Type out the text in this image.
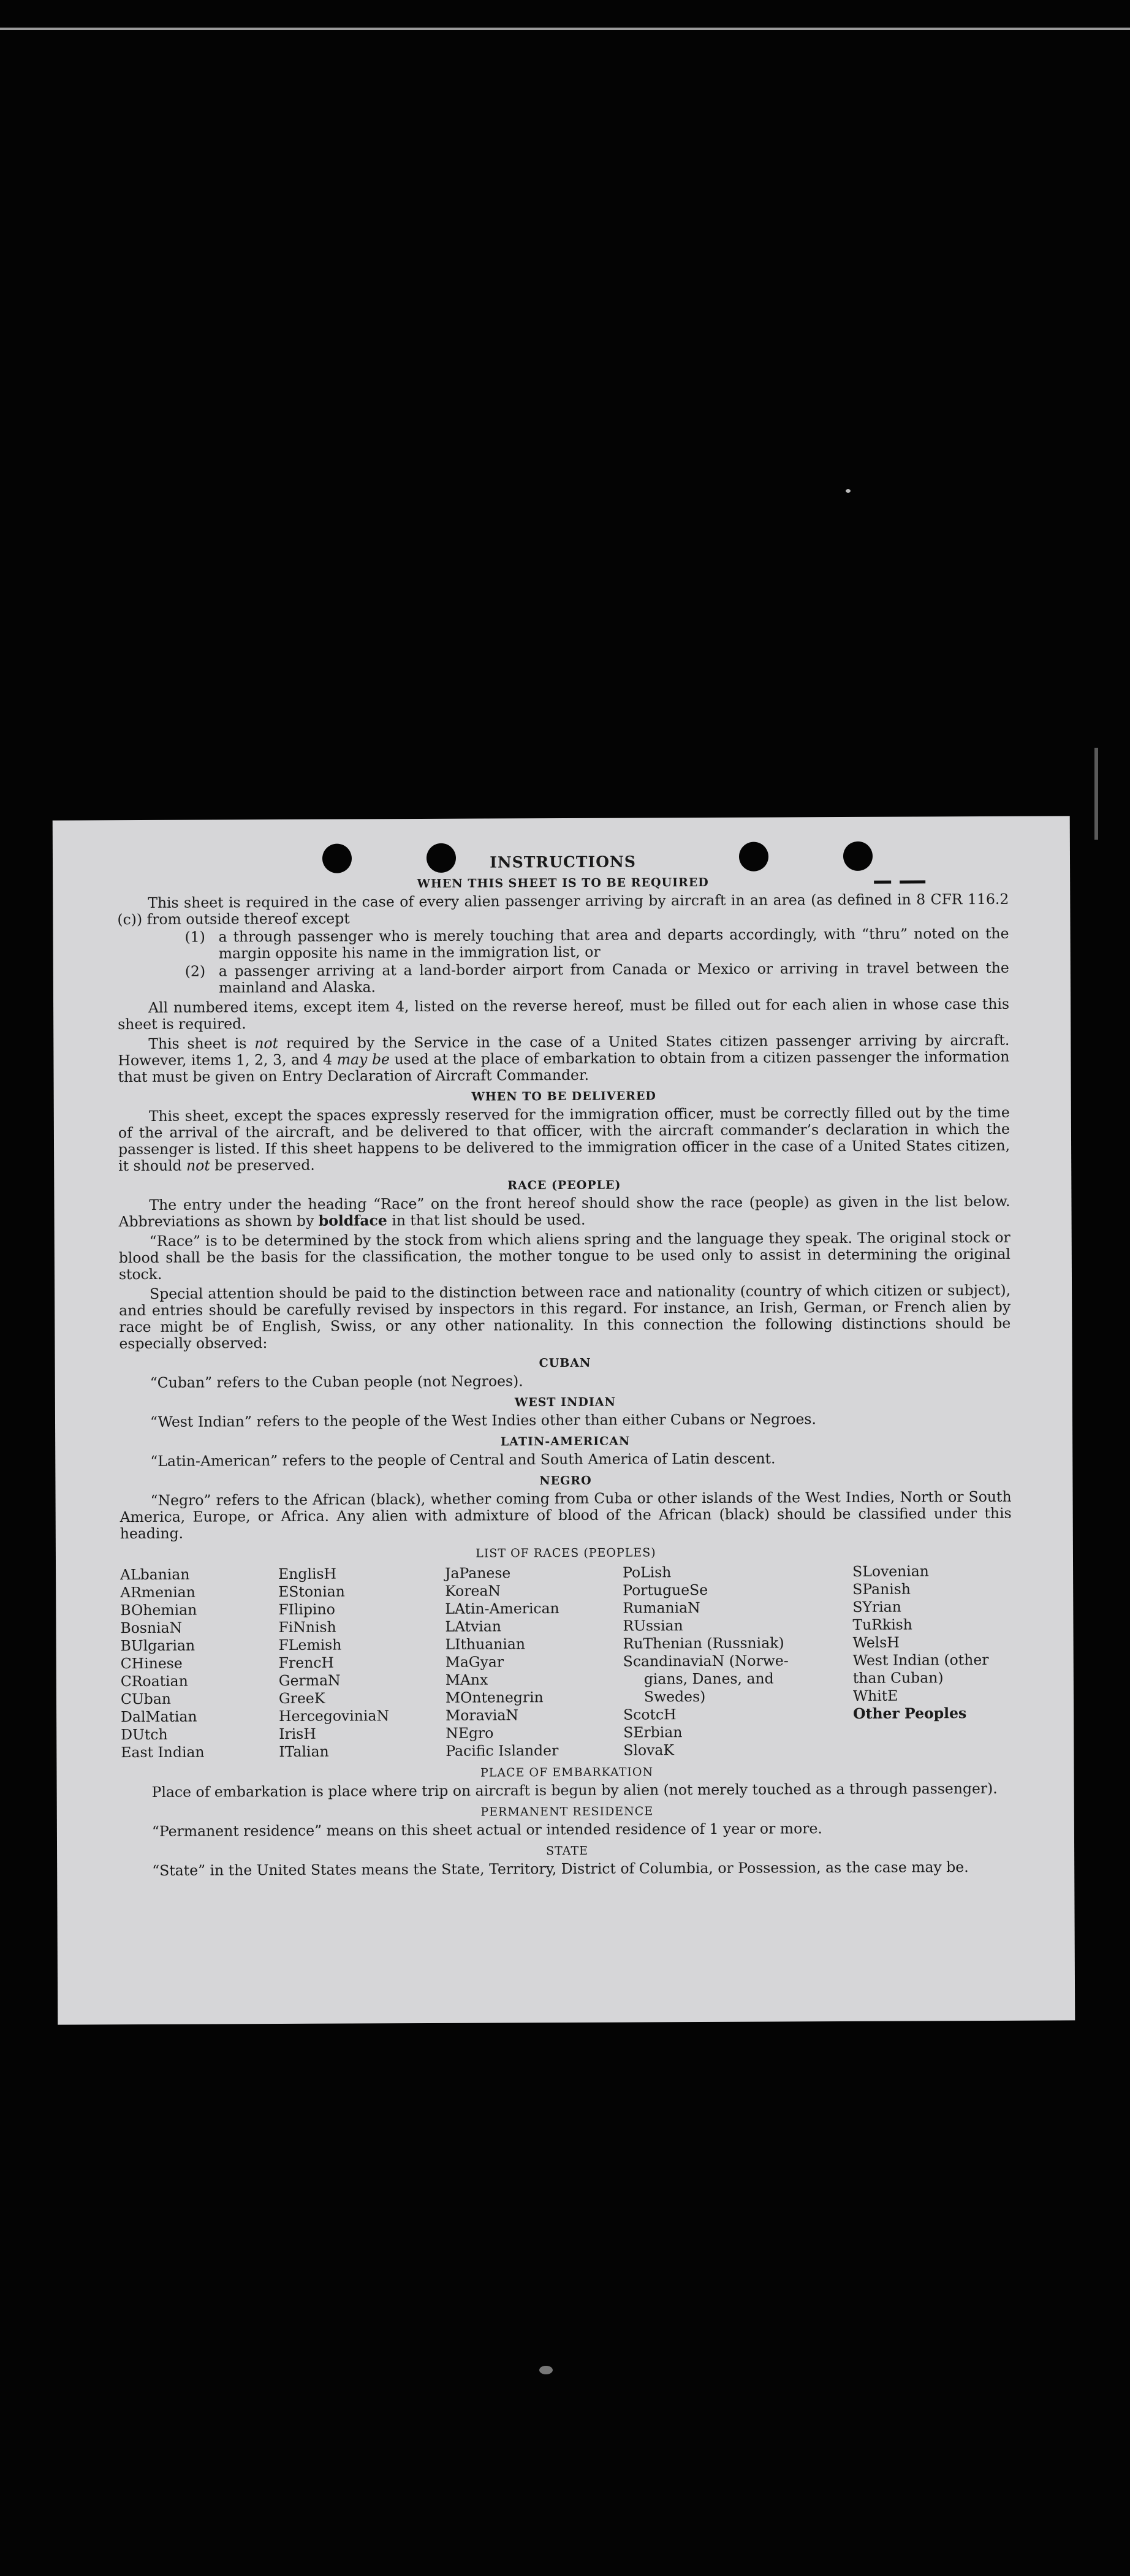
INSTRUCTIONS
WHEN THIS SHEET IS TO BE REQUIRED

This sheet is required in the case of every alien passenger arriving by aircraft in an area (as defined in 8 CFR 116.2 (c)) from outside thereof except

(1) a through passenger who is merely touching that area and departs accordingly, with “thru” noted on the margin opposite his name in the immigration list, or
(2) a passenger arriving at a land-border airport from Canada or Mexico or arriving in travel between the mainland and Alaska.

All numbered items, except item 4, listed on the reverse hereof, must be filled out for each alien in whose case this sheet is required.

This sheet is not required by the Service in the case of a United States citizen passenger arriving by aircraft. However, items 1, 2, 3, and 4 may be used at the place of embarkation to obtain from a citizen passenger the information that must be given on Entry Declaration of Aircraft Commander.

WHEN TO BE DELIVERED

This sheet, except the spaces expressly reserved for the immigration officer, must be correctly filled out by the time of the arrival of the aircraft, and be delivered to that officer, with the aircraft commander’s declaration in which the passenger is listed. If this sheet happens to be delivered to the immigration officer in the case of a United States citizen, it should not be preserved.

RACE (PEOPLE)

The entry under the heading “Race” on the front hereof should show the race (people) as given in the list below. Abbreviations as shown by boldface in that list should be used.

“Race” is to be determined by the stock from which aliens spring and the language they speak. The original stock or blood shall be the basis for the classification, the mother tongue to be used only to assist in determining the original stock.

Special attention should be paid to the distinction between race and nationality (country of which citizen or subject), and entries should be carefully revised by inspectors in this regard. For instance, an Irish, German, or French alien by race might be of English, Swiss, or any other nationality. In this connection the following distinctions should be especially observed:

CUBAN

“Cuban” refers to the Cuban people (not Negroes).

WEST INDIAN

“West Indian” refers to the people of the West Indies other than either Cubans or Negroes.

LATIN-AMERICAN

“Latin-American” refers to the people of Central and South America of Latin descent.

NEGRO

“Negro” refers to the African (black), whether coming from Cuba or other islands of the West Indies, North or South America, Europe, or Africa. Any alien with admixture of blood of the African (black) should be classified under this heading.

LIST OF RACES (PEOPLES)
ALbanian
ARmenian
BOhemian
BosniaN
BUlgarian
CHinese
CRoatian
CUban
DalMatian
DUtch
East Indian
EnglisH
EStonian
FIlipino
FiNnish
FLemish
FrencH
GermaN
GreeK
HercegoviniaN
IrisH
ITalian
JaPanese
KoreaN
LAtin-American
LAtvian
LIthuanian
MaGyar
MAnx
MOntenegrin
MoraviaN
NEgro
Pacific Islander
PoLish
PortugueSe
RumaniaN
RUssian
RuThenian (Russniak)
ScandinaviaN (Norwe-
gians, Danes, and
Swedes)
ScotcH
SErbian
SlovaK
SLovenian
SPanish
SYrian
TuRkish
WelsH
West Indian (other than Cuban)
WhitE
Other Peoples
PLACE OF EMBARKATION

Place of embarkation is place where trip on aircraft is begun by alien (not merely touched as a through passenger).

PERMANENT RESIDENCE

“Permanent residence” means on this sheet actual or intended residence of 1 year or more.

STATE

“State” in the United States means the State, Territory, District of Columbia, or Possession, as the case may be.
